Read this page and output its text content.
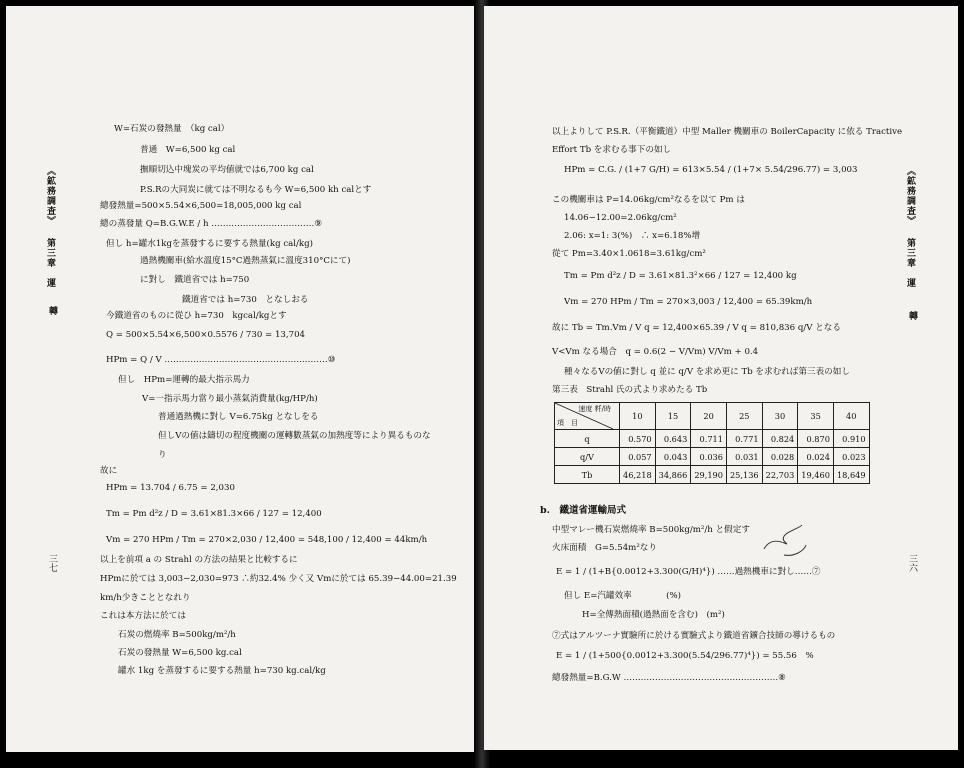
《鉱務調査》 第三章 運
轉
三七
W=石炭の發熱量　（kg cal）
普通　W=6,500 kg cal
撫順切込中塊炭の平均値就では6,700 kg cal
P.S.Rの大同炭に就ては不明なるも今 W=6,500 kh calとす
總發熱量=500×5.54×6,500=18,005,000 kg cal
總の蒸發量 Q=B.G.W.E / h ………………………………⑨
但し h=罐水1kgを蒸發するに要する熱量(kg cal/kg)
過熱機關車(給水溫度15°C過熱蒸氣に溫度310°Cにて)
に對し　鐵道省では h=750
鐵道省では h=730　となしおる
今鐵道省のものに從ひ h=730　kgcal/kgとす
Q = 500×5.54×6,500×0.5576 / 730 = 13,704
HPm = Q / V …………………………………………………⑩
但し　HPm=運轉的最大指示馬力
V=一指示馬力當り最小蒸氣消費量(kg/HP/h)
普通過熱機に對し V=6.75kg となしをる
但しVの値は鑄切の程度機關の運轉數蒸氣の加熱度等により異るものな
り
故に
HPm = 13.704 / 6.75 = 2,030
Tm = Pm d²z / D = 3.61×81.3×66 / 127 = 12,400
Vm = 270 HPm / Tm = 270×2,030 / 12,400 = 548,100 / 12,400 = 44km/h
以上を前項 a の Strahl の方法の結果と比較するに
HPmに於ては 3,003−2,030=973 ∴約32.4% 少く又 Vmに於ては 65.39−44.00=21.39
km/h少きこととなれり
これは本方法に於ては
石炭の燃燒率 B=500kg/m²/h
石炭の發熱量 W=6,500 kg.cal
罐水 1kg を蒸發するに要する熱量 h=730 kg.cal/kg
《鉱務調査》 第三章 運
轉
三六
以上よりして P.S.R.（平衡鐵道）中型 Maller 機關車の BoilerCapacity に依る Tractive
Effort Tb を求むる事下の如し
HPm = C.G. / (1+7 G/H) = 613×5.54 / (1+7× 5.54/296.77) = 3,003
この機關車は P=14.06kg/cm²なるを以て Pm は
14.06−12.00=2.06kg/cm²
2.06: x=1: 3(%)　∴ x=6.18%增
從て Pm=3.40×1.0618=3.61kg/cm²
Tm = Pm d²z / D = 3.61×81.3²×66 / 127 = 12,400 kg
Vm = 270 HPm / Tm = 270×3,003 / 12,400 = 65.39km/h
故に Tb = Tm.Vm / V q = 12,400×65.39 / V q = 810,836 q/V となる
V<Vm なる場合　q = 0.6(2 − V/Vm) V/Vm + 0.4
種々なるVの値に對し q 並に q/V を求め更に Tb を求むれば第三表の如し
第三表　Strahl 氏の式より求めたる Tb
速度 粁/時
項　目	10	15	20	25	30	35	40
q	0.570	0.643	0.711	0.771	0.824	0.870	0.910
q/V	0.057	0.043	0.036	0.031	0.028	0.024	0.023
Tb	46,218	34,866	29,190	25,136	22,703	19,460	18,649
b.　鐵道省運輸局式
中型マレー機石炭燃燒率 B=500kg/m²/h と假定す
火床面積　G=5.54m²なり
E = 1 / (1+B{0.0012+3.300(G/H)⁴}) ……過熱機車に對し……⑦
但し E=汽罐效率　　　　(%)
H=全傳熱面積(過熱面を含む)　(m²)
⑦式はアルツーナ實驗所に於ける實驗式より鐵道省鑛合技師の導けるもの
E = 1 / (1+500{0.0012+3.300(5.54/296.77)⁴}) = 55.56　%
總發熱量=B.G.W ………………………………………………⑧
